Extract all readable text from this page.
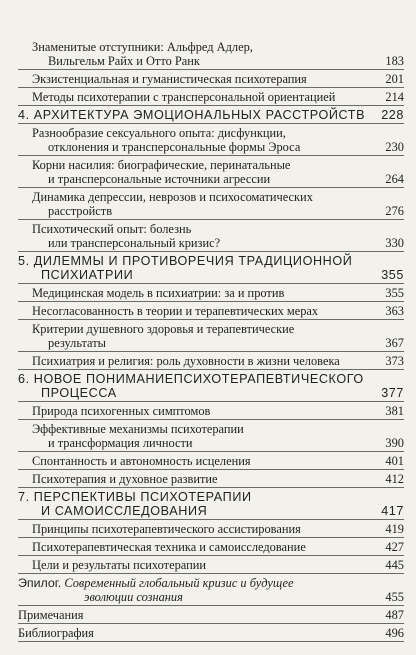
Знаменитые отступники: Альфред Адлер,
Вильгельм Райх и Отто Ранк	183
Экзистенциальная и гуманистическая психотерапия	201
Методы психотерапии с трансперсональной ориентацией	214
4. АРХИТЕКТУРА ЭМОЦИОНАЛЬНЫХ РАССТРОЙСТВ	228
Разнообразие сексуального опыта: дисфункции,
отклонения и трансперсональные формы Эроса	230
Корни насилия: биографические, перинатальные
и трансперсональные источники агрессии	264
Динамика депрессии, неврозов и психосоматических
расстройств	276
Психотический опыт: болезнь
или трансперсональный кризис?	330
5. ДИЛЕММЫ И ПРОТИВОРЕЧИЯ ТРАДИЦИОННОЙ
ПСИХИАТРИИ	355
Медицинская модель в психиатрии: за и против	355
Несогласованность в теории и терапевтических мерах	363
Критерии душевного здоровья и терапевтические
результаты	367
Психиатрия и религия: роль духовности в жизни человека	373
6. НОВОЕ ПОНИМАНИЕПСИХОТЕРАПЕВТИЧЕСКОГО
ПРОЦЕССА	377
Природа психогенных симптомов	381
Эффективные механизмы психотерапии
и трансформация личности	390
Спонтанность и автономность исцеления	401
Психотерапия и духовное развитие	412
7. ПЕРСПЕКТИВЫ ПСИХОТЕРАПИИ
И САМОИССЛЕДОВАНИЯ	417
Принципы психотерапевтического ассистирования	419
Психотерапевтическая техника и самоисследование	427
Цели и результаты психотерапии	445
Эпилог. Современный глобальный кризис и будущее
эволюции сознания	455
Примечания	487
Библиография	496
